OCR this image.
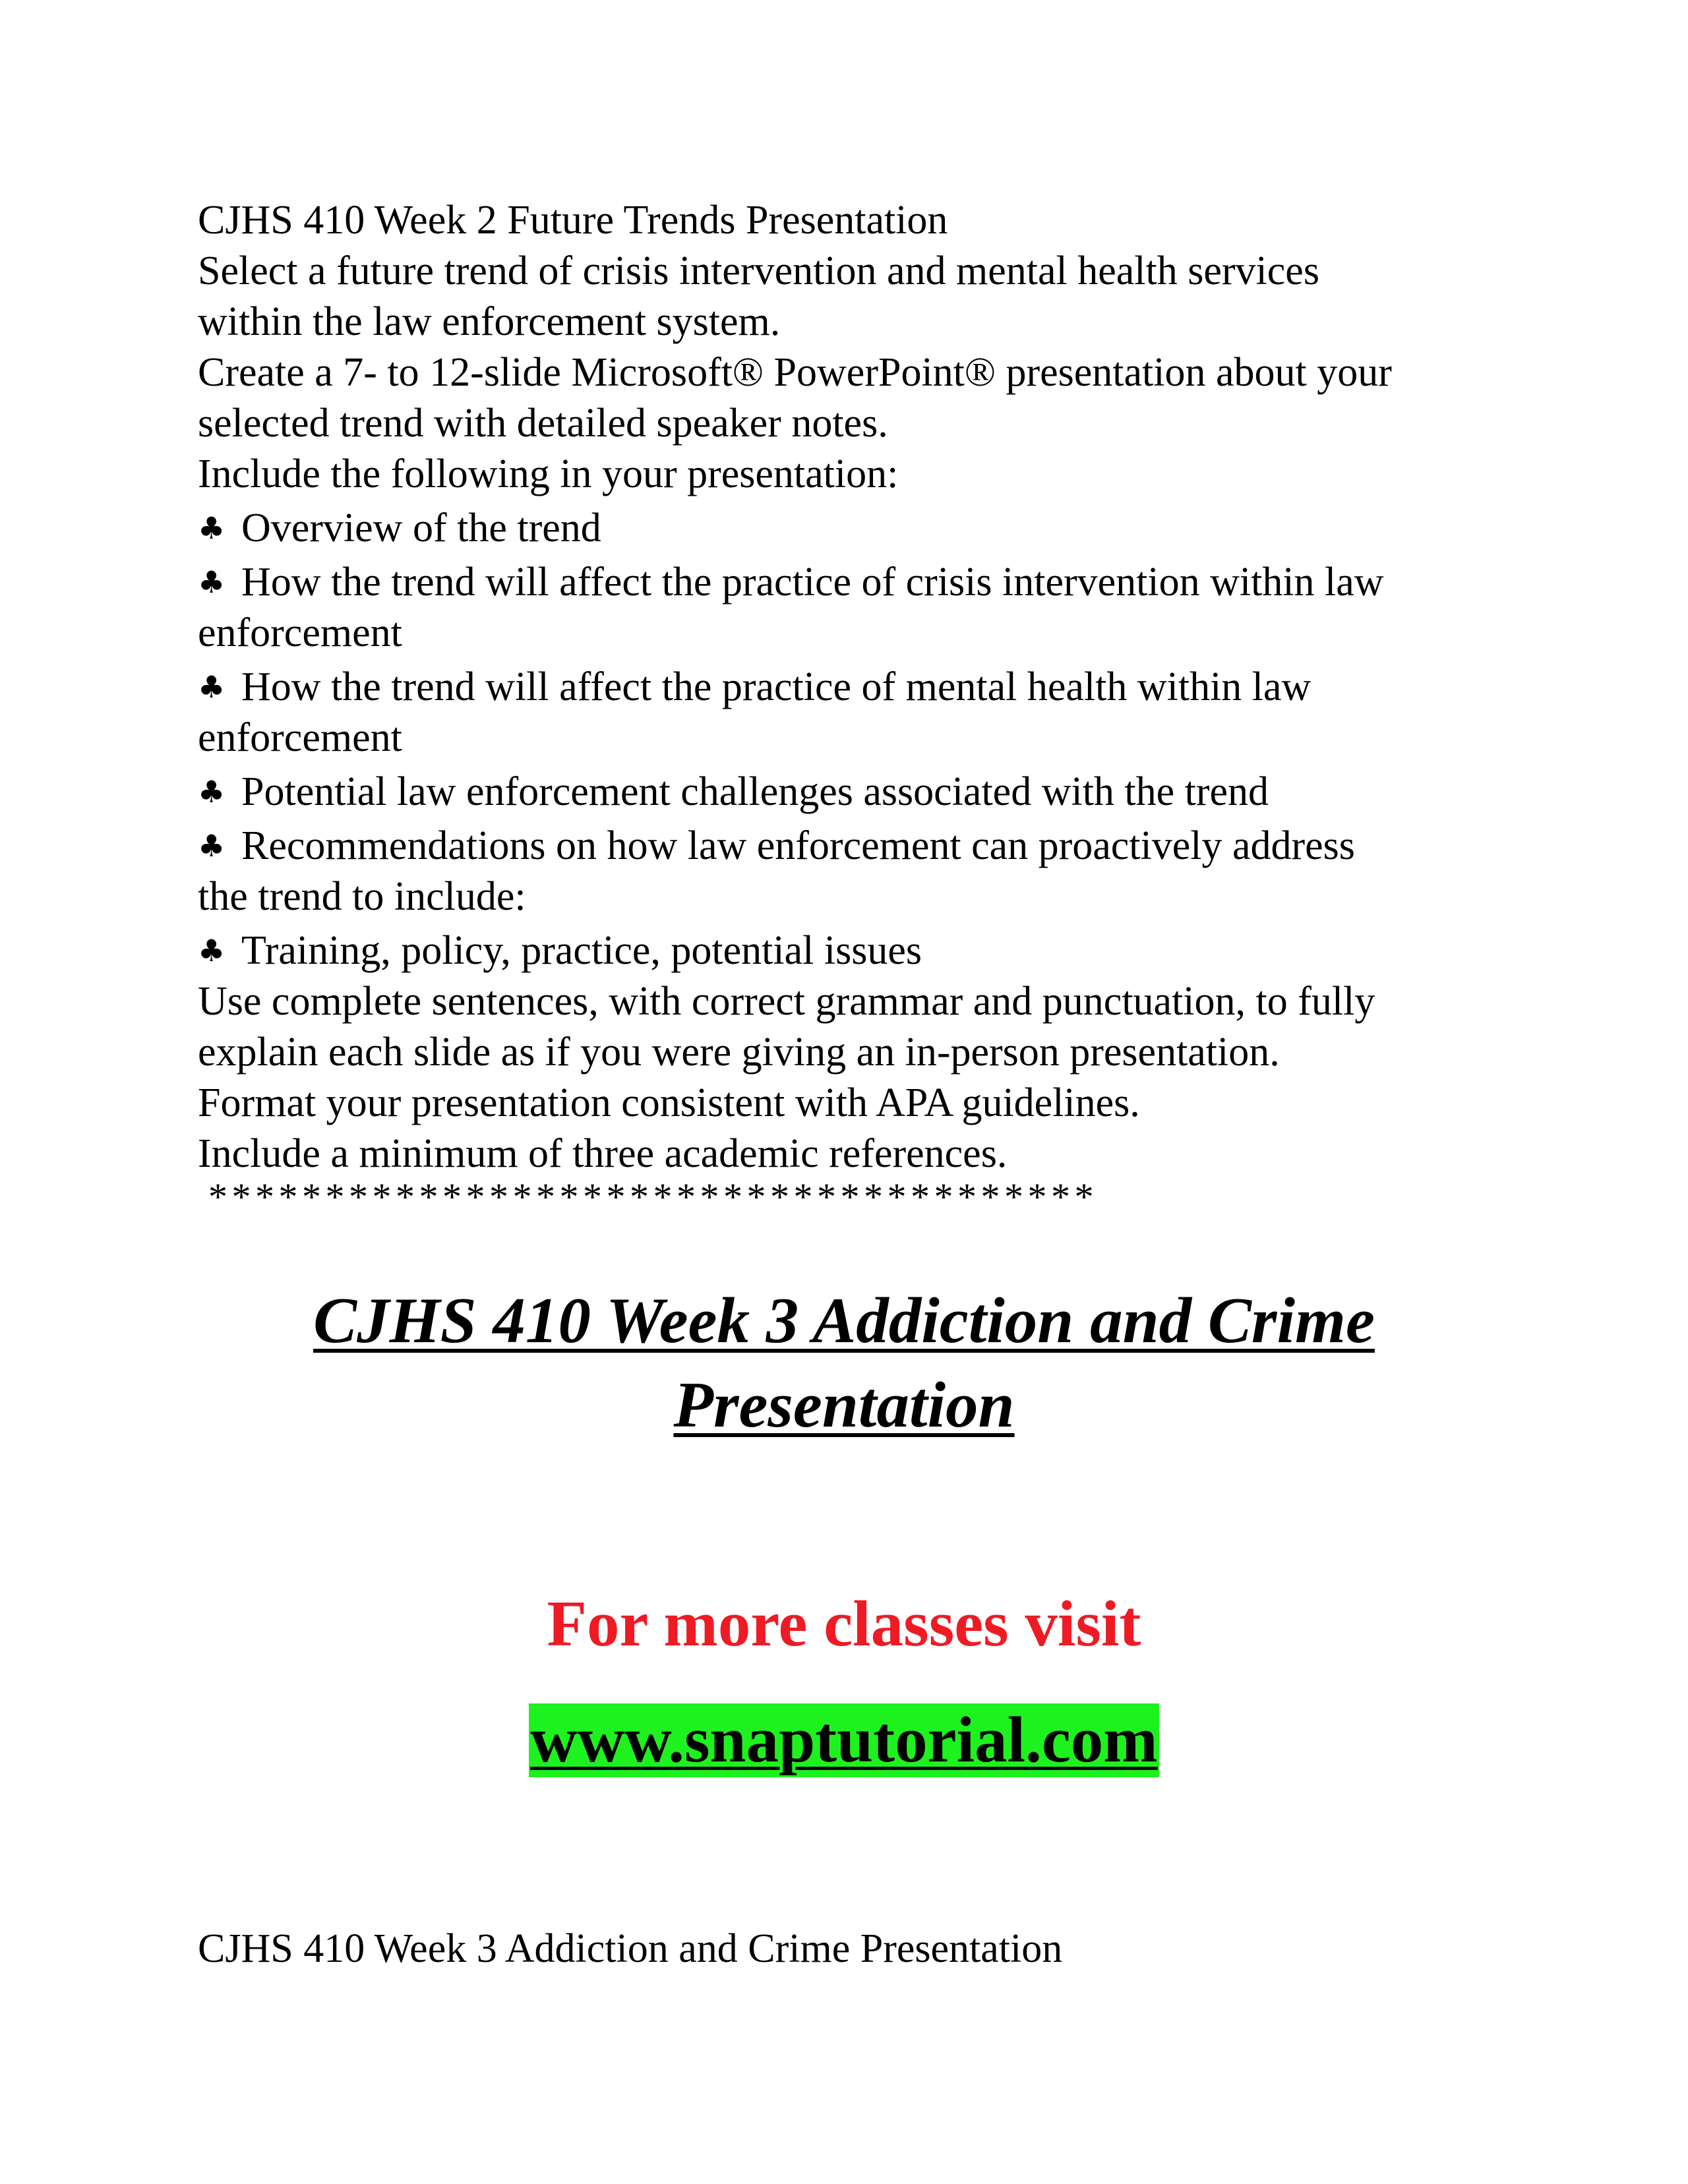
CJHS 410 Week 2 Future Trends Presentation

Select a future trend of crisis intervention and mental health services

within the law enforcement system.

Create a 7- to 12-slide Microsoft® PowerPoint® presentation about your

selected trend with detailed speaker notes.

Include the following in your presentation:

♣ Overview of the trend

♣ How the trend will affect the practice of crisis intervention within law

enforcement

♣ How the trend will affect the practice of mental health within law

enforcement

♣ Potential law enforcement challenges associated with the trend

♣ Recommendations on how law enforcement can proactively address

the trend to include:

♣ Training, policy, practice, potential issues

Use complete sentences, with correct grammar and punctuation, to fully

explain each slide as if you were giving an in-person presentation.

Format your presentation consistent with APA guidelines.

Include a minimum of three academic references.

**************************************
CJHS 410 Week 3 Addiction and Crime
Presentation
For more classes visit
www.snaptutorial.com
CJHS 410 Week 3 Addiction and Crime Presentation
